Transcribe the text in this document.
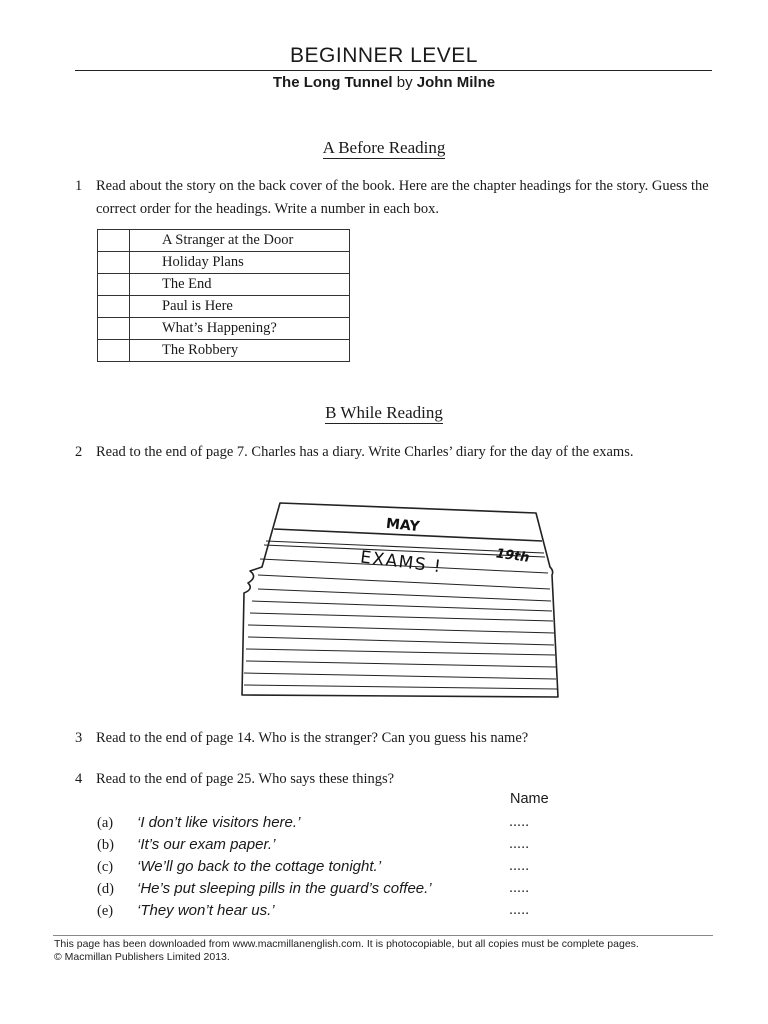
BEGINNER LEVEL
The Long Tunnel by John Milne
A Before Reading
1 Read about the story on the back cover of the book. Here are the chapter headings for the story. Guess the correct order for the headings. Write a number in each box.
	A Stranger at the Door
	Holiday Plans
	The End
	Paul is Here
	What’s Happening?
	The Robbery
B While Reading
2 Read to the end of page 7. Charles has a diary. Write Charles’ diary for the day of the exams.
MAY
19th
EXAMS !
3 Read to the end of page 14. Who is the stranger? Can you guess his name?
4 Read to the end of page 25. Who says these things?
Name
(a) ‘I don’t like visitors here.’	.....
(b) ‘It’s our exam paper.’	.....
(c) ‘We’ll go back to the cottage tonight.’	.....
(d) ‘He’s put sleeping pills in the guard’s coffee.’	.....
(e) ‘They won’t hear us.’	.....
This page has been downloaded from www.macmillanenglish.com. It is photocopiable, but all copies must be complete pages.
© Macmillan Publishers Limited 2013.
